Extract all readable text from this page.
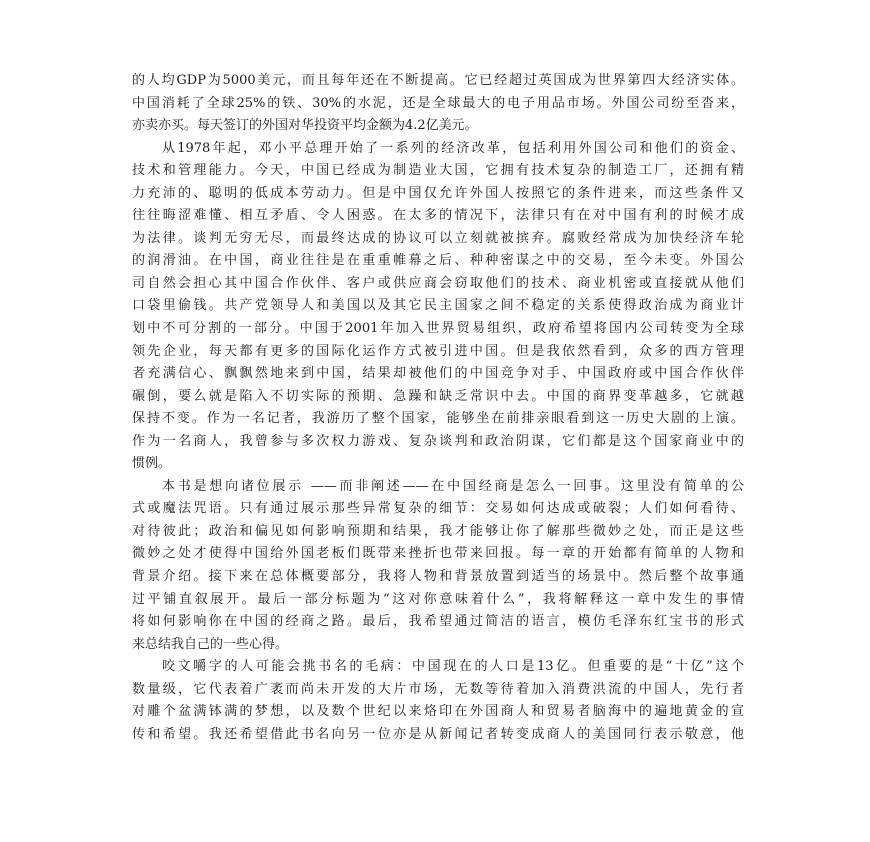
的人均GDP为5000美元，而且每年还在不断提高。它已经超过英国成为世界第四大经济实体。
中国消耗了全球25%的铁、30%的水泥，还是全球最大的电子用品市场。外国公司纷至沓来，
亦卖亦买。每天签订的外国对华投资平均金额为4.2亿美元。
从1978年起，邓小平总理开始了一系列的经济改革，包括利用外国公司和他们的资金、
技术和管理能力。今天，中国已经成为制造业大国，它拥有技术复杂的制造工厂，还拥有精
力充沛的、聪明的低成本劳动力。但是中国仅允许外国人按照它的条件进来，而这些条件又
往往晦涩难懂、相互矛盾、令人困惑。在太多的情况下，法律只有在对中国有利的时候才成
为法律。谈判无穷无尽，而最终达成的协议可以立刻就被摈弃。腐败经常成为加快经济车轮
的润滑油。在中国，商业往往是在重重帷幕之后、种种密谋之中的交易，至今未变。外国公
司自然会担心其中国合作伙伴、客户或供应商会窃取他们的技术、商业机密或直接就从他们
口袋里偷钱。共产党领导人和美国以及其它民主国家之间不稳定的关系使得政治成为商业计
划中不可分割的一部分。中国于2001年加入世界贸易组织，政府希望将国内公司转变为全球
领先企业，每天都有更多的国际化运作方式被引进中国。但是我依然看到，众多的西方管理
者充满信心、飘飘然地来到中国，结果却被他们的中国竞争对手、中国政府或中国合作伙伴
碾倒，要么就是陷入不切实际的预期、急躁和缺乏常识中去。中国的商界变革越多，它就越
保持不变。作为一名记者，我游历了整个国家，能够坐在前排亲眼看到这一历史大剧的上演。
作为一名商人，我曾参与多次权力游戏、复杂谈判和政治阴谋，它们都是这个国家商业中的
惯例。
本书是想向诸位展示 ——而非阐述——在中国经商是怎么一回事。这里没有简单的公
式或魔法咒语。只有通过展示那些异常复杂的细节：交易如何达成或破裂；人们如何看待、
对待彼此；政治和偏见如何影响预期和结果，我才能够让你了解那些微妙之处，而正是这些
微妙之处才使得中国给外国老板们既带来挫折也带来回报。每一章的开始都有简单的人物和
背景介绍。接下来在总体概要部分，我将人物和背景放置到适当的场景中。然后整个故事通
过平铺直叙展开。最后一部分标题为“这对你意味着什么”，我将解释这一章中发生的事情
将如何影响你在中国的经商之路。最后，我希望通过简洁的语言，模仿毛泽东红宝书的形式
来总结我自己的一些心得。
咬文嚼字的人可能会挑书名的毛病：中国现在的人口是13亿。但重要的是“十亿”这个
数量级，它代表着广袤而尚未开发的大片市场，无数等待着加入消费洪流的中国人，先行者
对雕个盆满钵满的梦想，以及数个世纪以来烙印在外国商人和贸易者脑海中的遍地黄金的宣
传和希望。我还希望借此书名向另一位亦是从新闻记者转变成商人的美国同行表示敬意，他
